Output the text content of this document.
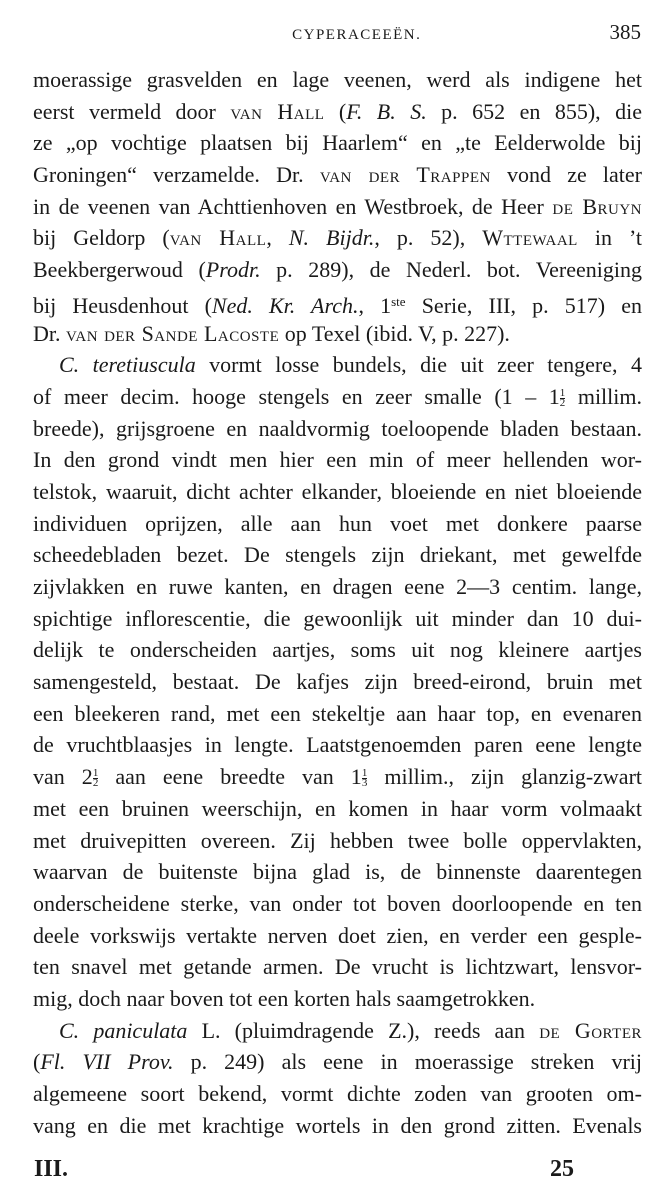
CYPERACEEËN.	385
moerassige grasvelden en lage veenen, werd als indigene het
eerst vermeld door van Hall (F. B. S. p. 652 en 855), die
ze „op vochtige plaatsen bij Haarlem“ en „te Eelderwolde bij
Groningen“ verzamelde. Dr. van der Trappen vond ze later
in de veenen van Achttienhoven en Westbroek, de Heer de Bruyn
bij Geldorp (van Hall, N. Bijdr., p. 52), Wttewaal in ’t
Beekbergerwoud (Prodr. p. 289), de Nederl. bot. Vereeniging
bij Heusdenhout (Ned. Kr. Arch., 1ste Serie, III, p. 517) en
Dr. van der Sande Lacoste op Texel (ibid. V, p. 227).
C. teretiuscula vormt losse bundels, die uit zeer tengere, 4
of meer decim. hooge stengels en zeer smalle ($1 - 1 \frac{1}{2} millim$.
breede), grijsgroene en naaldvormig toeloopende bladen bestaan.
In den grond vindt men hier een min of meer hellenden wor-
telstok, waaruit, dicht achter elkander, bloeiende en niet bloeiende
individuen oprijzen, alle aan hun voet met donkere paarse
scheedebladen bezet. De stengels zijn driekant, met gewelfde
zijvlakken en ruwe kanten, en dragen eene 2—3 centim. lange,
spichtige inflorescentie, die gewoonlijk uit minder dan 10 dui-
delijk te onderscheiden aartjes, soms uit nog kleinere aartjes
samengesteld, bestaat. De kafjes zijn breed-eirond, bruin met
een bleekeren rand, met een stekeltje aan haar top, en evenaren
de vruchtblaasjes in lengte. Laatstgenoemden paren eene lengte
van $2 \frac{1}{2}$ aan eene breedte van $1 \frac{1}{3} millim$., zijn glanzig-zwart
met een bruinen weerschijn, en komen in haar vorm volmaakt
met druivepitten overeen. Zij hebben twee bolle oppervlakten,
waarvan de buitenste bijna glad is, de binnenste daarentegen
onderscheidene sterke, van onder tot boven doorloopende en ten
deele vorkswijs vertakte nerven doet zien, en verder een gesple-
ten snavel met getande armen. De vrucht is lichtzwart, lensvor-
mig, doch naar boven tot een korten hals saamgetrokken.
C. paniculata L. (pluimdragende Z.), reeds aan de Gorter
(Fl. VII Prov. p. 249) als eene in moerassige streken vrij
algemeene soort bekend, vormt dichte zoden van grooten om-
vang en die met krachtige wortels in den grond zitten. Evenals
III.	25
